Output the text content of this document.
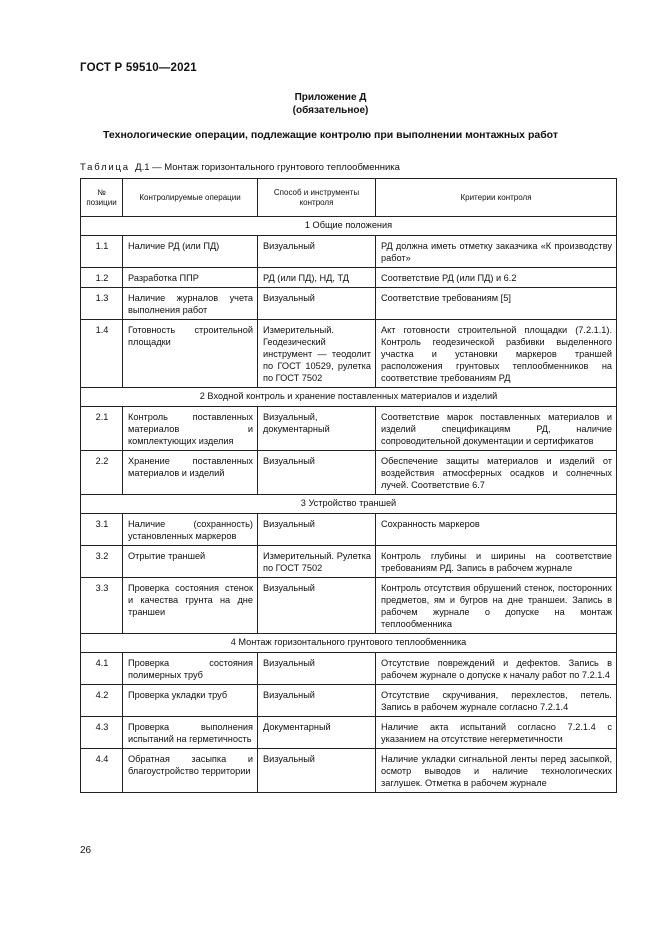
ГОСТ Р 59510—2021
Приложение Д
(обязательное)
Технологические операции, подлежащие контролю при выполнении монтажных работ
Таблица Д.1 — Монтаж горизонтального грунтового теплообменника
№ позиции	Контролируемые операции	Способ и инструменты контроля	Критерии контроля
1 Общие положения			
1.1	Наличие РД (или ПД)	Визуальный	РД должна иметь отметку заказчика «К производству работ»
1.2	Разработка ППР	РД (или ПД), НД, ТД	Соответствие РД (или ПД) и 6.2
1.3	Наличие журналов учета выполнения работ	Визуальный	Соответствие требованиям [5]
1.4	Готовность строительной площадки	Измерительный. Геодезический инструмент — теодолит по ГОСТ 10529, рулетка по ГОСТ 7502	Акт готовности строительной площадки (7.2.1.1). Контроль геодезической разбивки выделенного участка и установки маркеров траншей расположения грунтовых теплообменников на соответствие требованиям РД
2 Входной контроль и хранение поставленных материалов и изделий			
2.1	Контроль поставленных материалов и комплектующих изделия	Визуальный, документарный	Соответствие марок поставленных материалов и изделий спецификациям РД, наличие сопроводительной документации и сертификатов
2.2	Хранение поставленных материалов и изделий	Визуальный	Обеспечение защиты материалов и изделий от воздействия атмосферных осадков и солнечных лучей. Соответствие 6.7
3 Устройство траншей			
3.1	Наличие (сохранность) установленных маркеров	Визуальный	Сохранность маркеров
3.2	Отрытие траншей	Измерительный. Рулетка по ГОСТ 7502	Контроль глубины и ширины на соответствие требованиям РД. Запись в рабочем журнале
3.3	Проверка состояния стенок и качества грунта на дне траншеи	Визуальный	Контроль отсутствия обрушений стенок, посторонних предметов, ям и бугров на дне траншеи. Запись в рабочем журнале о допуске на монтаж теплообменника
4 Монтаж горизонтального грунтового теплообменника			
4.1	Проверка состояния полимерных труб	Визуальный	Отсутствие повреждений и дефектов. Запись в рабочем журнале о допуске к началу работ по 7.2.1.4
4.2	Проверка укладки труб	Визуальный	Отсутствие скручивания, перехлестов, петель. Запись в рабочем журнале согласно 7.2.1.4
4.3	Проверка выполнения испытаний на герметичность	Документарный	Наличие акта испытаний согласно 7.2.1.4 с указанием на отсутствие негерметичности
4.4	Обратная засыпка и благоустройство территории	Визуальный	Наличие укладки сигнальной ленты перед засыпкой, осмотр выводов и наличие технологических заглушек. Отметка в рабочем журнале
26
